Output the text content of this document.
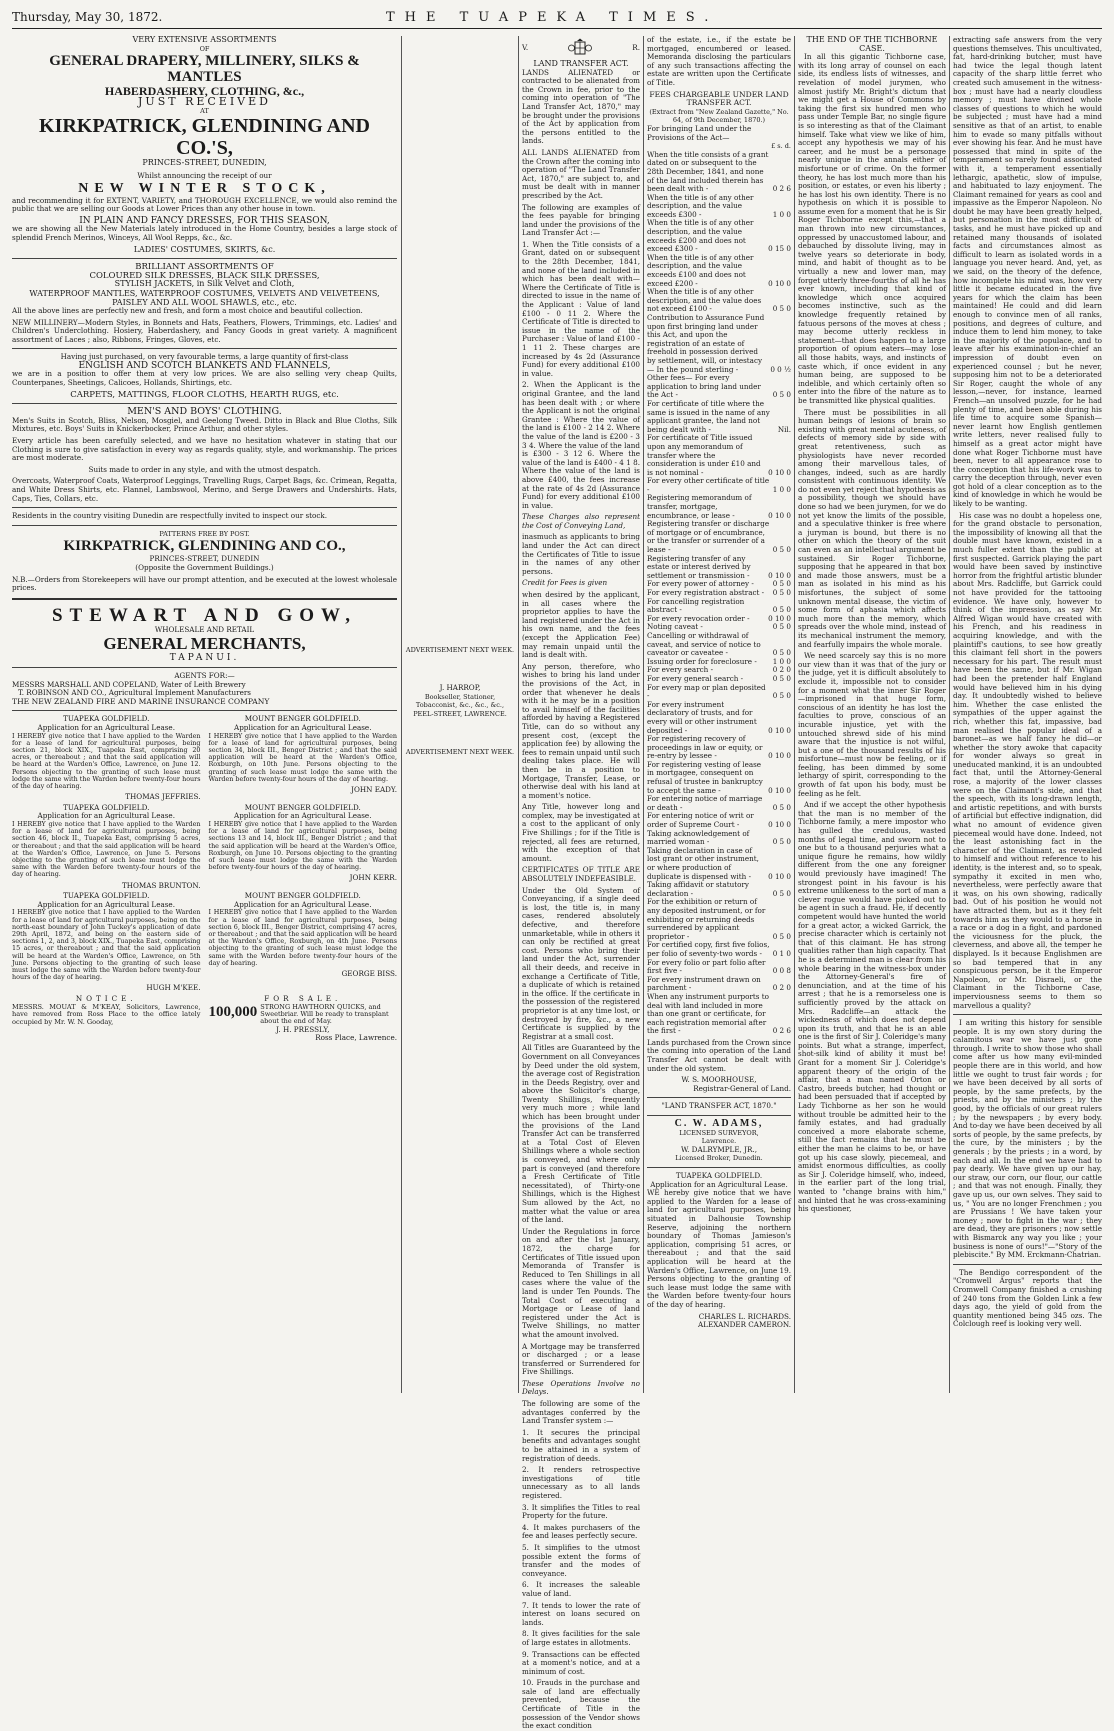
Thursday, May 30, 1872.	THE TUAPEKA TIMES.
VERY EXTENSIVE ASSORTMENTS
OF
GENERAL DRAPERY, MILLINERY, SILKS & MANTLES
HABERDASHERY, CLOTHING, &c.,
JUST RECEIVED
AT
KIRKPATRICK, GLENDINING AND CO.'S,
PRINCES-STREET, DUNEDIN,
Whilst announcing the receipt of our
NEW WINTER STOCK,

and recommending it for EXTENT, VARIETY, and THOROUGH EXCELLENCE, we would also remind the public that we are selling our Goods at Lower Prices than any other house in town.

IN PLAIN AND FANCY DRESSES, FOR THIS SEASON,

we are showing all the New Materials lately introduced in the Home Country, besides a large stock of splendid French Merinos, Winceys, All Wool Repps, &c., &c.

LADIES' COSTUMES, SKIRTS, &c.
BRILLIANT ASSORTMENTS OF
COLOURED SILK DRESSES, BLACK SILK DRESSES,
STYLISH JACKETS, in Silk Velvet and Cloth,
WATERPROOF MANTLES, WATERPROOF COSTUMES, VELVETS AND VELVETEENS, PAISLEY AND ALL WOOL SHAWLS, etc., etc.

All the above lines are perfectly new and fresh, and form a most choice and beautiful collection.

NEW MILLINERY—Modern Styles, in Bonnets and Hats, Feathers, Flowers, Trimmings, etc. Ladies' and Children's Underclothing. Hosiery, Haberdashery, and Fancy Goods in great variety. A magnificent assortment of Laces ; also, Ribbons, Fringes, Gloves, etc.

Having just purchased, on very favourable terms, a large quantity of first-class
ENGLISH AND SCOTCH BLANKETS AND FLANNELS,

we are in a position to offer them at very low prices. We are also selling very cheap Quilts, Counterpanes, Sheetings, Calicoes, Hollands, Shirtings, etc.

CARPETS, MATTINGS, FLOOR CLOTHS, HEARTH RUGS, etc.
MEN'S AND BOYS' CLOTHING.

Men's Suits in Scotch, Bliss, Nelson, Mosgiel, and Geelong Tweed. Ditto in Black and Blue Cloths, Silk Mixtures, etc. Boys' Suits in Knickerbocker, Prince Arthur, and other styles.

Every article has been carefully selected, and we have no hesitation whatever in stating that our Clothing is sure to give satisfaction in every way as regards quality, style, and workmanship. The prices are most moderate.

Suits made to order in any style, and with the utmost despatch.

Overcoats, Waterproof Coats, Waterproof Leggings, Travelling Rugs, Carpet Bags, &c. Crimean, Regatta, and White Dress Shirts, etc. Flannel, Lambswool, Merino, and Serge Drawers and Undershirts. Hats, Caps, Ties, Collars, etc.

Residents in the country visiting Dunedin are respectfully invited to inspect our stock.
PATTERNS FREE BY POST.
KIRKPATRICK, GLENDINING AND CO.,
PRINCES-STREET, DUNEDIN
(Opposite the Government Buildings.)

N.B.—Orders from Storekeepers will have our prompt attention, and be executed at the lowest wholesale prices.

STEWART AND GOW,
WHOLESALE AND RETAIL
GENERAL MERCHANTS,
TAPANUI.
AGENTS FOR:—
MESSRS MARSHALL AND COPELAND, Water of Leith Brewery
T. ROBINSON AND CO., Agricultural Implement Manufacturers
THE NEW ZEALAND FIRE AND MARINE INSURANCE COMPANY
TUAPEKA GOLDFIELD.
Application for an Agricultural Lease.

I HEREBY give notice that I have applied to the Warden for a lease of land for agricultural purposes, being section 21, block XIX., Tuapeka East, comprising 20 acres, or thereabout ; and that the said application will be heard at the Warden's Office, Lawrence, on June 12. Persons objecting to the granting of such lease must lodge the same with the Warden before twenty-four hours of the day of hearing.

THOMAS JEFFRIES.
MOUNT BENGER GOLDFIELD.
Application for an Agricultural Lease.

I HEREBY give notice that I have applied to the Warden for a lease of land for agricultural purposes, being section 34, block III., Benger District ; and that the said application will be heard at the Warden's Office, Roxburgh, on 10th June. Persons objecting to the granting of such lease must lodge the same with the Warden before twenty-four hours of the day of hearing.

JOHN EADY.
TUAPEKA GOLDFIELD.
Application for an Agricultural Lease.

I HEREBY give notice that I have applied to the Warden for a lease of land for agricultural purposes, being section 46, block II., Tuapeka East, comprising 5 acres, or thereabout ; and that the said application will be heard at the Warden's Office, Lawrence, on June 5. Persons objecting to the granting of such lease must lodge the same with the Warden before twenty-four hours of the day of hearing.

THOMAS BRUNTON.
MOUNT BENGER GOLDFIELD.
Application for an Agricultural Lease.

I HEREBY give notice that I have applied to the Warden for a lease of land for agricultural purposes, being sections 13 and 14, block III., Benger District ; and that the said application will be heard at the Warden's Office, Roxburgh, on June 10. Persons objecting to the granting of such lease must lodge the same with the Warden before twenty-four hours of the day of hearing.

JOHN KERR.
TUAPEKA GOLDFIELD.
Application for an Agricultural Lease.

I HEREBY give notice that I have applied to the Warden for a lease of land for agricultural purposes, being on the north-east boundary of John Tuckey's application of date 29th April, 1872, and being on the eastern side of sections 1, 2, and 3, block XIX., Tuapeka East, comprising 15 acres, or thereabout ; and that the said application will be heard at the Warden's Office, Lawrence, on 5th June. Persons objecting to the granting of such lease must lodge the same with the Warden before twenty-four hours of the day of hearing.

HUGH M'KEE.
MOUNT BENGER GOLDFIELD.
Application for an Agricultural Lease.

I HEREBY give notice that I have applied to the Warden for a lease of land for agricultural purposes, being section 6, block III., Benger District, comprising 47 acres, or thereabout ; and that the said application will be heard at the Warden's Office, Roxburgh, on 4th June. Persons objecting to the granting of such lease must lodge the same with the Warden before twenty-four hours of the day of hearing.

GEORGE BISS.
NOTICE.

MESSRS. MOUAT & M'KEAY, Solicitors, Lawrence, have removed from Ross Place to the office lately occupied by Mr. W. N. Gooday,

FOR SALE.
100,000 STRONG HAWTHORN QUICKS, and Sweetbriar. Will be ready to transplant about the end of May.
J. H. PRESSLY,
Ross Place, Lawrence.
ADVERTISEMENT NEXT WEEK.
J. HARROP,
Bookseller, Stationer, Tobacconist, &c., &c., &c.,
PEEL-STREET, LAWRENCE.
ADVERTISEMENT NEXT WEEK.
V.	R.
LAND TRANSFER ACT.

LANDS ALIENATED or contracted to be alienated from the Crown in fee, prior to the coming into operation of "The Land Transfer Act, 1870," may be brought under the provisions of the Act by application from the persons entitled to the lands.

ALL LANDS ALIENATED from the Crown after the coming into operation of "The Land Transfer Act, 1870," are subject to, and must be dealt with in manner prescribed by the Act.

The following are examples of the fees payable for bringing land under the provisions of the Land Transfer Act :—

1. When the Title consists of a Grant, dated on or subsequent to the 28th December, 1841, and none of the land included in which has been dealt with— Where the Certificate of Title is directed to issue in the name of the Applicant : Value of land £100 - 0 11 2. Where the Certificate of Title is directed to issue in the name of the Purchaser : Value of land £100 - 1 11 2. These charges are increased by 4s 2d (Assurance Fund) for every additional £100 in value.

2. When the Applicant is the original Grantee, and the land has been dealt with ; or where the Applicant is not the original Grantee : Where the value of the land is £100 - 2 14 2. Where the value of the land is £200 - 3 3 4. Where the value of the land is £300 - 3 12 6. Where the value of the land is £400 - 4 1 8. Where the value of the land is above £400, the fees increase at the rate of 4s 2d (Assurance Fund) for every additional £100 in value.

These Charges also represent the Cost of Conveying Land,

inasmuch as applicants to bring land under the Act can direct the Certificates of Title to issue in the names of any other persons.

Credit for Fees is given

when desired by the applicant, in all cases where the proprietor applies to have the land registered under the Act in his own name, and the fees (except the Application Fee) may remain unpaid until the land is dealt with.

Any person, therefore, who wishes to bring his land under the provisions of the Act, in order that whenever he deals with it he may be in a position to avail himself of the facilities afforded by having a Registered Title, can do so without any present cost, (except the application fee) by allowing the fees to remain unpaid until such dealing takes place. He will then be in a position to Mortgage, Transfer, Lease, or otherwise deal with his land at a moment's notice.

Any Title, however long and complex, may be investigated at a cost to the applicant of only Five Shillings ; for if the Title is rejected, all fees are returned, with the exception of that amount.

CERTIFICATES OF TITLE ARE ABSOLUTELY INDEFEASIBLE.

Under the Old System of Conveyancing, if a single deed is lost, the title is, in many cases, rendered absolutely defective, and therefore unmarketable, while in others it can only be rectified at great cost. Persons who bring their land under the Act, surrender all their deeds, and receive in exchange a Certificate of Title, a duplicate of which is retained in the office. If the certificate in the possession of the registered proprietor is at any time lost, or destroyed by fire, &c., a new Certificate is supplied by the Registrar at a small cost.

All Titles are Guaranteed by the Government on all Conveyances by Deed under the old system, the average cost of Registration in the Deeds Registry, over and above the Solicitor's charge, Twenty Shillings, frequently very much more ; while land which has been brought under the provisions of the Land Transfer Act can be transferred at a Total Cost of Eleven Shillings where a whole section is conveyed, and where only part is conveyed (and therefore a Fresh Certificate of Title necessitated), of Thirty-one Shillings, which is the Highest Sum allowed by the Act, no matter what the value or area of the land.

Under the Regulations in force on and after the 1st January, 1872, the charge for Certificates of Title issued upon Memoranda of Transfer is Reduced to Ten Shillings in all cases where the value of the land is under Ten Pounds. The Total Cost of executing a Mortgage or Lease of land registered under the Act is Twelve Shillings, no matter what the amount involved.

A Mortgage may be transferred or discharged ; or a lease transferred or Surrendered for Five Shillings.

These Operations Involve no Delays.

The following are some of the advantages conferred by the Land Transfer system :—

1. It secures the principal benefits and advantages sought to be attained in a system of registration of deeds.

2. It renders retrospective investigations of title unnecessary as to all lands registered.

3. It simplifies the Titles to real Property for the future.

4. It makes purchasers of the fee and leases perfectly secure.

5. It simplifies to the utmost possible extent the forms of transfer and the modes of conveyance.

6. It increases the saleable value of land.

7. It tends to lower the rate of interest on loans secured on lands.

8. It gives facilities for the sale of large estates in allotments.

9. Transactions can be effected at a moment's notice, and at a minimum of cost.

10. Frauds in the purchase and sale of land are effectually prevented, because the Certificate of Title in the possession of the Vendor shows the exact condition

of the estate, i.e., if the estate be mortgaged, encumbered or leased. Memoranda disclosing the particulars of any such transactions affecting the estate are written upon the Certificate of Title.

FEES CHARGEABLE UNDER LAND TRANSFER ACT.
(Extract from "New Zealand Gazette," No. 64, of 9th December, 1870.)
For bringing Land under the Provisions of the Act—
£ s. d.
When the title consists of a grant dated on or subsequent to the 28th December, 1841, and none of the land included therein has been dealt with -	0 2 6
When the title is of any other description, and the value exceeds £300 -	1 0 0
When the title is of any other description, and the value exceeds £200 and does not exceed £300 -	0 15 0
When the title is of any other description, and the value exceeds £100 and does not exceed £200 -	0 10 0
When the title is of any other description, and the value does not exceed £100 -	0 5 0
Contribution to Assurance Fund upon first bringing land under this Act, and upon the registration of an estate of freehold in possession derived by settlement, will, or intestacy— In the pound sterling -	0 0 ½
Other fees— For every application to bring land under the Act -	0 5 0
For certificate of title where the same is issued in the name of any applicant grantee, the land not being dealt with -	Nil.
For certificate of Title issued upon any memorandum of transfer where the consideration is under £10 and is not nominal -	0 10 0
For every other certificate of title -	1 0 0
Registering memorandum of transfer, mortgage, encumbrance, or lease -	0 10 0
Registering transfer or discharge of mortgage or of encumbrance, or the transfer or surrender of a lease -	0 5 0
Registering transfer of any estate or interest derived by settlement or transmission -	0 10 0
For every power of attorney -	0 5 0
For every registration abstract -	0 5 0
For cancelling registration abstract -	0 5 0
For every revocation order -	0 10 0
Noting caveat -	0 5 0
Cancelling or withdrawal of caveat, and service of notice to caveator or caveatee -	0 5 0
Issuing order for foreclosure -	1 0 0
For every search -	0 2 0
For every general search -	0 5 0
For every map or plan deposited -	0 5 0
For every instrument declaratory of trusts, and for every will or other instrument deposited -	0 10 0
For registering recovery of proceedings in law or equity, or re-entry by lessee -	0 10 0
For registering vesting of lease in mortgagee, consequent on refusal of trustee in bankruptcy to accept the same -	0 10 0
For entering notice of marriage or death -	0 5 0
For entering notice of writ or order of Supreme Court -	0 10 0
Taking acknowledgement of married woman -	0 5 0
Taking declaration in case of lost grant or other instrument, or where production of duplicate is dispensed with -	0 10 0
Taking affidavit or statutory declaration -	0 5 0
For the exhibition or return of any deposited instrument, or for exhibiting or returning deeds surrendered by applicant proprietor -	0 5 0
For certified copy, first five folios, per folio of seventy-two words -	0 1 0
For every folio or part folio after first five -	0 0 8
For every instrument drawn on parchment -	0 2 0
When any instrument purports to deal with land included in more than one grant or certificate, for each registration memorial after the first -	0 2 6

Lands purchased from the Crown since the coming into operation of the Land Transfer Act cannot be dealt with under the old system.

W. S. MOORHOUSE,
Registrar-General of Land.
"LAND TRANSFER ACT, 1870."
C. W. ADAMS,
LICENSED SURVEYOR,
Lawrence.
W. DALRYMPLE, JR.,
Licensed Broker, Dunedin.
TUAPEKA GOLDFIELD.
Application for an Agricultural Lease.

WE hereby give notice that we have applied to the Warden for a lease of land for agricultural purposes, being situated in Dalhousie Township Reserve, adjoining the northern boundary of Thomas Jamieson's application, comprising 51 acres, or thereabout ; and that the said application will be heard at the Warden's Office, Lawrence, on June 19. Persons objecting to the granting of such lease must lodge the same with the Warden before twenty-four hours of the day of hearing.

CHARLES L. RICHARDS.
ALEXANDER CAMERON.
THE END OF THE TICHBORNE CASE.

In all this gigantic Tichborne case, with its long array of counsel on each side, its endless lists of witnesses, and revelation of model jurymen, who almost justify Mr. Bright's dictum that we might get a House of Commons by taking the first six hundred men who pass under Temple Bar, no single figure is so interesting as that of the Claimant himself. Take what view we like of him, accept any hypothesis we may of his career, and he must be a personage nearly unique in the annals either of misfortune or of crime. On the former theory, he has lost much more than his position, or estates, or even his liberty ; he has lost his own identity. There is no hypothesis on which it is possible to assume even for a moment that he is Sir Roger Tichborne except this,—that a man thrown into new circumstances, oppressed by unaccustomed labour, and debauched by dissolute living, may in twelve years so deteriorate in body, mind, and habit of thought as to be virtually a new and lower man, may forget utterly three-fourths of all he has ever known, including that kind of knowledge which once acquired becomes instinctive, such as the knowledge frequently retained by fatuous persons of the moves at chess ; may become utterly reckless in statement—that does happen to a large proportion of opium eaters—may lose all those habits, ways, and instincts of caste which, if once evident in any human being, are supposed to be indelible, and which certainly often so enter into the fibre of the nature as to be transmitted like physical qualities.

There must be possibilities in all human beings of lesions of brain so existing with great mental acuteness, of defects of memory side by side with great retentiveness, such as physiologists have never recorded among their marvellous tales, of changes, indeed, such as are hardly consistent with continuous identity. We do not even yet reject that hypothesis as a possibility, though we should have done so had we been jurymen, for we do not yet know the limits of the possible, and a speculative thinker is free where a juryman is bound, but there is no other on which the theory of the suit can even as an intellectual argument be sustained. Sir Roger Tichborne, supposing that he appeared in that box and made those answers, must be a man as isolated in his mind as his misfortunes, the subject of some unknown mental disease, the victim of some form of aphasia which affects much more than the memory, which spreads over the whole mind, instead of its mechanical instrument the memory, and fearfully impairs the whole morale.

We need scarcely say this is no more our view than it was that of the jury or the judge, yet it is difficult absolutely to exclude it, impossible not to consider for a moment what the inner Sir Roger—imprisoned in that huge form, conscious of an identity he has lost the faculties to prove, conscious of an incurable injustice, yet with the untouched shrewd side of his mind aware that the injustice is not wilful, but a one of the thousand results of his misfortune—must now be feeling, or if feeling, has been dimmed by some lethargy of spirit, corresponding to the growth of fat upon his body, must be feeling as he felt.

And if we accept the other hypothesis that the man is no member of the Tichborne family, a mere impostor who has gulled the credulous, wasted months of legal time, and sworn not to one but to a thousand perjuries what a unique figure he remains, how wildly different from the one any foreigner would previously have imagined! The strongest point in his favour is his extreme unlikeness to the sort of man a clever rogue would have picked out to be agent in such a fraud. He, if decently competent would have hunted the world for a great actor, a wicked Garrick, the precise character which is certainly not that of this claimant. He has strong qualities rather than high capacity. That he is a determined man is clear from his whole bearing in the witness-box under the Attorney-General's fire of denunciation, and at the time of his arrest ; that he is a remorseless one is sufficiently proved by the attack on Mrs. Radcliffe—an attack the wickedness of which does not depend upon its truth, and that he is an able one is the first of Sir J. Coleridge's many points. But what a strange, imperfect, shot-silk kind of ability it must be! Grant for a moment Sir J. Coleridge's apparent theory of the origin of the affair, that a man named Orton or Castro, breeds butcher, had thought or had been persuaded that if accepted by Lady Tichborne as her son he would without trouble be admitted heir to the family estates, and had gradually conceived a more elaborate scheme, still the fact remains that he must be either the man he claims to be, or have got up his case slowly, piecemeal, and amidst enormous difficulties, as coolly as Sir J. Coleridge himself, who, indeed, in the earlier part of the long trial, wanted to "change brains with him," and hinted that he was cross-examining his questioner,

extracting safe answers from the very questions themselves. This uncultivated, fat, hard-drinking butcher, must have had twice the legal though latent capacity of the sharp little ferret who created such amusement in the witness-box ; must have had a nearly cloudless memory ; must have divined whole classes of questions to which he would be subjected ; must have had a mind sensitive as that of an artist, to enable him to evade so many pitfalls without ever showing his fear. And he must have possessed that mind in spite of the temperament so rarely found associated with it, a temperament essentially lethargic, apathetic, slow of impulse, and habituated to lazy enjoyment. The Claimant remained for years as cool and impassive as the Emperor Napoleon. No doubt he may have been greatly helped, but personation in the most difficult of tasks, and he must have picked up and retained many thousands of isolated facts and circumstances almost as difficult to learn as isolated words in a language you never heard. And, yet, as we said, on the theory of the defence, how incomplete his mind was, how very little it became educated in the five years for which the claim has been maintained! He could and did learn enough to convince men of all ranks, positions, and degrees of culture, and induce them to lend him money, to take in the majority of the populace, and to leave after his examination-in-chief an impression of doubt even on experienced counsel ; but he never, supposing him not to be a deteriorated Sir Roger, caught the whole of any lesson,—never, for instance, learned French—an unsolved puzzle, for he had plenty of time, and been able during his life time to acquire some Spanish—never learnt how English gentlemen write letters, never realised fully to himself as a great actor might have done what Roger Tichborne must have been, never to all appearance rose to the conception that his life-work was to carry the deception through, never even got hold of a clear conception as to the kind of knowledge in which he would be likely to be wanting.

His case was no doubt a hopeless one, for the grand obstacle to personation, the impossibility of knowing all that the double must have known, existed in a much fuller extent than the public at first suspected. Garrick playing the part would have been saved by instinctive horror from the frightful artistic blunder about Mrs. Radcliffe, but Garrick could not have provided for the tattooing evidence. We have only, however to think of the impression, as say Mr. Alfred Wigan would have created with his French, and his readiness in acquiring knowledge, and with the plaintiff's cautions, to see how greatly this claimant fell short in the powers necessary for his part. The result must have been the same, but if Mr. Wigan had been the pretender half England would have believed him in his dying day. It undoubtedly wished to believe him. Whether the case enlisted the sympathies of the upper against the rich, whether this fat, impassive, bad man realised the popular ideal of a baronet—as we half fancy he did—or whether the story awoke that capacity for wonder always so great in uneducated mankind, it is an undoubted fact that, until the Attorney-General rose, a majority of the lower classes were on the Claimant's side, and that the speech, with its long-drawn length, and artistic repetitions, and with bursts of artificial but effective indignation, did what no amount of evidence given piecemeal would have done. Indeed, not the least astonishing fact in the character of the Claimant, as revealed to himself and without reference to his identity, is the interest and, so to speak, sympathy it excited in men who, nevertheless, were perfectly aware that it was, on his own showing, radically bad. Out of his position he would not have attracted them, but as it they felt towards him as they would to a horse in a race or a dog in a fight, and pardoned the viciousness for the pluck, the cleverness, and above all, the temper he displayed. Is it because Englishmen are so bad tempered that in any conspicuous person, be it the Emperor Napoleon, or Mr. Disraeli, or the Claimant in the Tichborne Case, imperviousness seems to them so marvellous a quality?

I am writing this history for sensible people. It is my own story during the calamitous war we have just gone through. I write to show those who shall come after us how many evil-minded people there are in this world, and how little we ought to trust fair words ; for we have been deceived by all sorts of people, by the same prefects, by the priests, and by the ministers ; by the good, by the officials of our great rulers ; by the newspapers ; by every body. And to-day we have been deceived by all sorts of people, by the same prefects, by the cure, by the ministers ; by the generals ; by the priests ; in a word, by each and all. In the end we have had to pay dearly. We have given up our hay, our straw, our corn, our flour, our cattle ; and that was not enough. Finally, they gave up us, our own selves. They said to us, " You are no longer Frenchmen ; you are Prussians ! We have taken your money ; now to fight in the war ; they are dead, they are prisoners ; now settle with Bismarck any way you like ; your business is none of ours!"—"Story of the plebiscite." By MM. Erckmann-Chatrian.

The Bendigo correspondent of the "Cromwell Argus" reports that the Cromwell Company finished a crushing of 240 tons from the Golden Link a few days ago, the yield of gold from the quantity mentioned being 345 ozs. The Colclough reef is looking very well.
